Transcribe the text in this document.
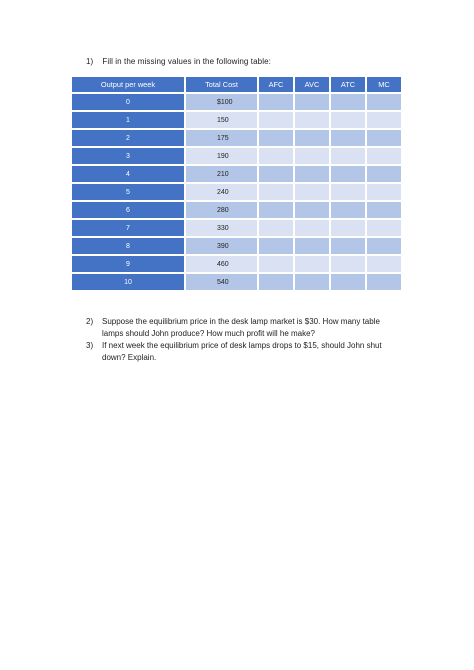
1) Fill in the missing values in the following table:
Output per week	Total Cost	AFC	AVC	ATC	MC
0	$100				
1	150				
2	175				
3	190				
4	210				
5	240				
6	280				
7	330				
8	390				
9	460				
10	540				
2)	Suppose the equilibrium price in the desk lamp market is $30. How many table lamps should John produce? How much profit will he make?
3)	If next week the equilibrium price of desk lamps drops to $15, should John shut down? Explain.
